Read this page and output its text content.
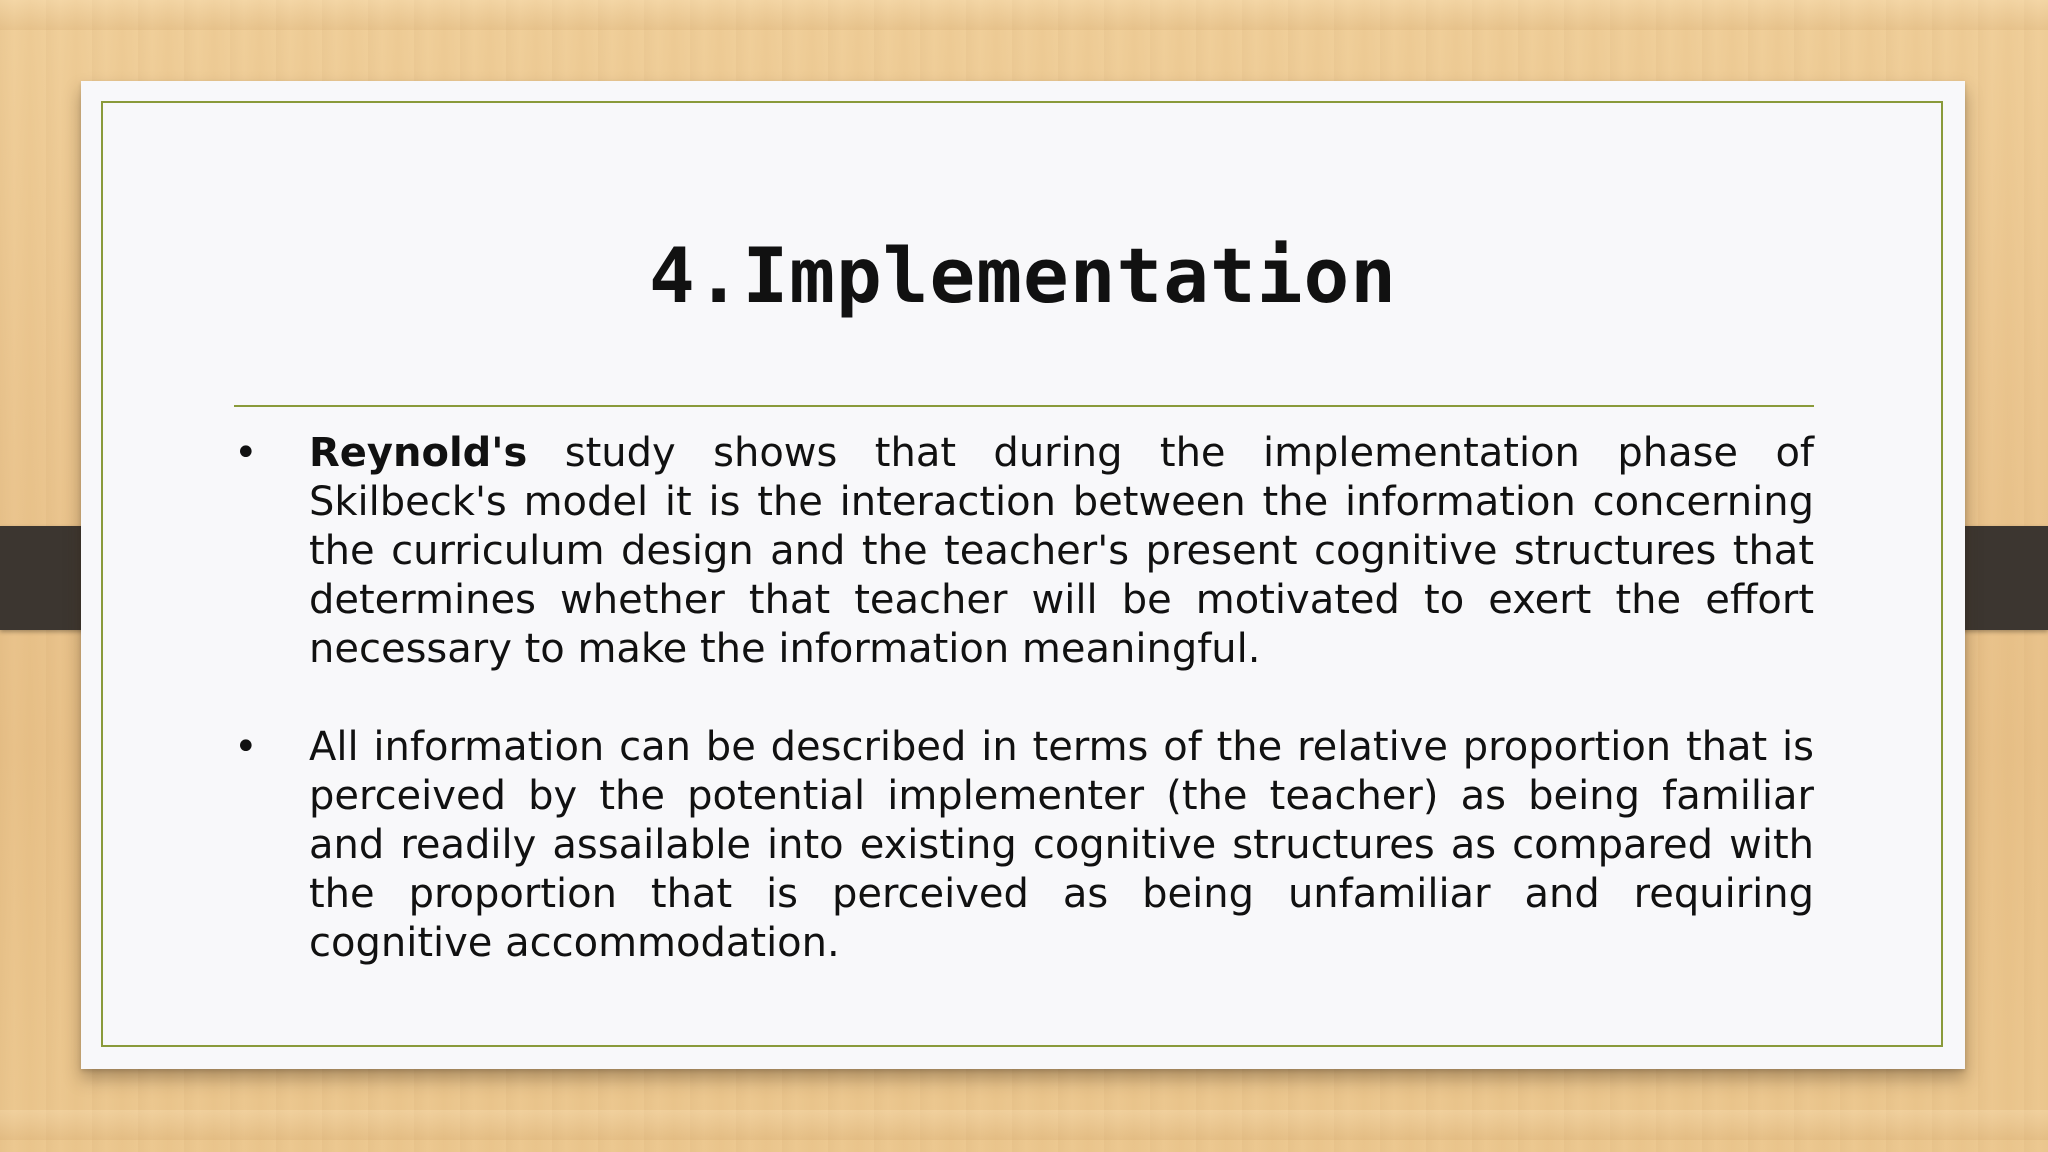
4.Implementation
•	Reynold's study shows that during the implementation phase of Skilbeck's model it is the interaction between the information concerning the curriculum design and the teacher's present cognitive structures that determines whether that teacher will be motivated to exert the effort necessary to make the information meaningful.
•	All information can be described in terms of the relative proportion that is perceived by the potential implementer (the teacher) as being familiar and readily assailable into existing cognitive structures as compared with the proportion that is perceived as being unfamiliar and requiring cognitive accommodation.
